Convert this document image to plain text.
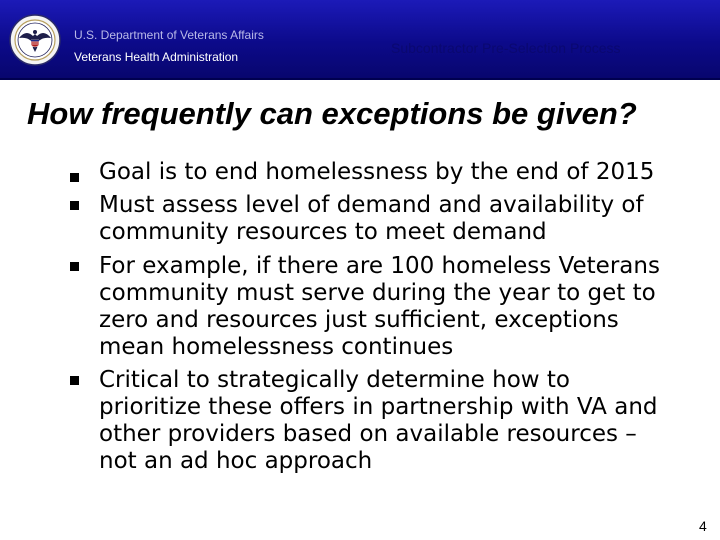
U.S. Department of Veterans Affairs
Veterans Health Administration
Subcontractor Pre-Selection Process
How frequently can exceptions be given?
Goal is to end homelessness by the end of 2015
Must assess level of demand and availability of
community resources to meet demand
For example, if there are 100 homeless Veterans
community must serve during the year to get to
zero and resources just sufficient, exceptions
mean homelessness continues
Critical to strategically determine how to
prioritize these offers in partnership with VA and
other providers based on available resources –
not an ad hoc approach
4
